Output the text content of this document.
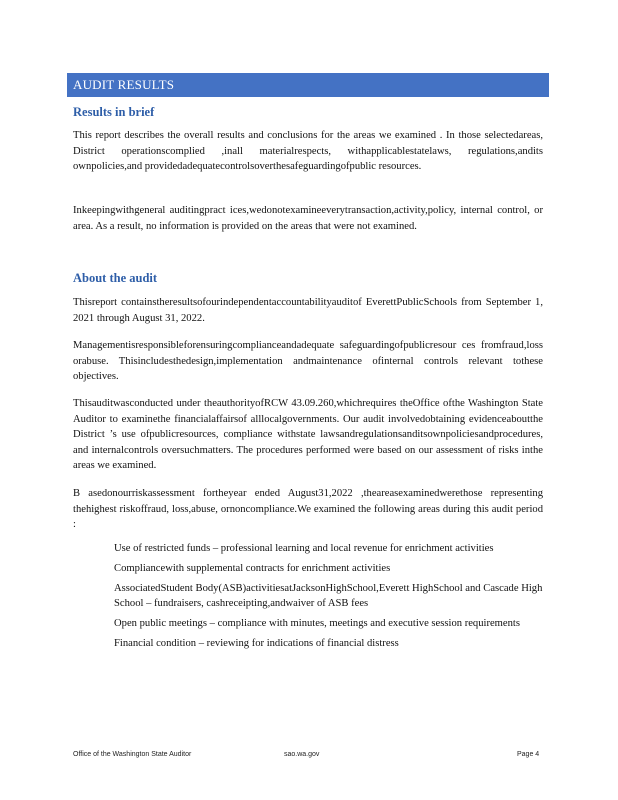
AUDIT RESULTS
Results in brief

This report describes the overall results and conclusions for the areas we examined . In those selectedareas, District operationscomplied ,inall materialrespects, withapplicablestatelaws, regulations,andits ownpolicies,and providedadequatecontrolsoverthesafeguardingofpublic resources.

Inkeepingwithgeneral auditingpract ices,wedonotexamineeverytransaction,activity,policy, internal control, or area. As a result, no information is provided on the areas that were not examined.

About the audit

Thisreport containstheresultsofourindependentaccountabilityauditof EverettPublicSchools from September 1, 2021 through August 31, 2022.

Managementisresponsibleforensuringcomplianceandadequate safeguardingofpublicresour ces fromfraud,loss orabuse. Thisincludesthedesign,implementation andmaintenance ofinternal controls relevant tothese objectives.

Thisauditwasconducted under theauthorityofRCW 43.09.260,whichrequires theOffice ofthe Washington State Auditor to examinethe financialaffairsof alllocalgovernments. Our audit involvedobtaining evidenceaboutthe District ’s use ofpublicresources, compliance withstate lawsandregulationsanditsownpoliciesandprocedures, and internalcontrols oversuchmatters. The procedures performed were based on our assessment of risks inthe areas we examined.

B asedonourriskassessment fortheyear ended August31,2022 ,theareasexaminedwerethose representing thehighest riskoffraud, loss,abuse, ornoncompliance.We examined the following areas during this audit period :

Use of restricted funds – professional learning and local revenue for enrichment activities
Compliancewith supplemental contracts for enrichment activities
AssociatedStudent Body(ASB)activitiesatJacksonHighSchool,Everett HighSchool and Cascade High School – fundraisers, cashreceipting,andwaiver of ASB fees
Open public meetings – compliance with minutes, meetings and executive session requirements
Financial condition – reviewing for indications of financial distress
Office of the Washington State Auditor	sao.wa.gov	Page 4
